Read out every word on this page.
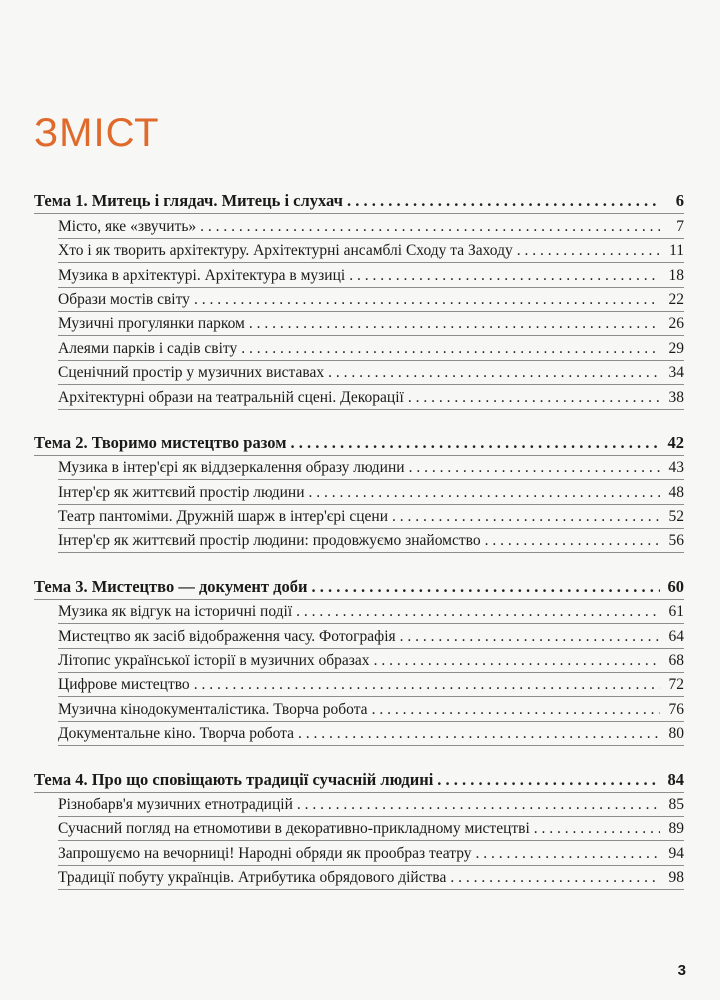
ЗМІСТ
Тема 1. Митець і глядач. Митець і слухач . . .	6
Місто, яке «звучить» . . .	7
Хто і як творить архітектуру. Архітектурні ансамблі Сходу та Заходу . . .	11
Музика в архітектурі. Архітектура в музиці . . .	18
Образи мостів світу . . .	22
Музичні прогулянки парком . . .	26
Алеями парків і садів світу . . .	29
Сценічний простір у музичних виставах . . .	34
Архітектурні образи на театральній сцені. Декорації . . .	38
Тема 2. Творимо мистецтво разом . . .	42
Музика в інтер'єрі як віддзеркалення образу людини . . .	43
Інтер'єр як життєвий простір людини . . .	48
Театр пантоміми. Дружній шарж в інтер'єрі сцени . . .	52
Інтер'єр як життєвий простір людини: продовжуємо знайомство . . .	56
Тема 3. Мистецтво — документ доби . . .	60
Музика як відгук на історичні події . . .	61
Мистецтво як засіб відображення часу. Фотографія . . .	64
Літопис української історії в музичних образах . . .	68
Цифрове мистецтво . . .	72
Музична кінодокументалістика. Творча робота . . .	76
Документальне кіно. Творча робота . . .	80
Тема 4. Про що сповіщають традиції сучасній людині . . .	84
Різнобарв'я музичних етнотрадицій . . .	85
Сучасний погляд на етномотиви в декоративно-прикладному мистецтві . . .	89
Запрошуємо на вечорниці! Народні обряди як прообраз театру . . .	94
Традиції побуту українців. Атрибутика обрядового дійства . . .	98
3
